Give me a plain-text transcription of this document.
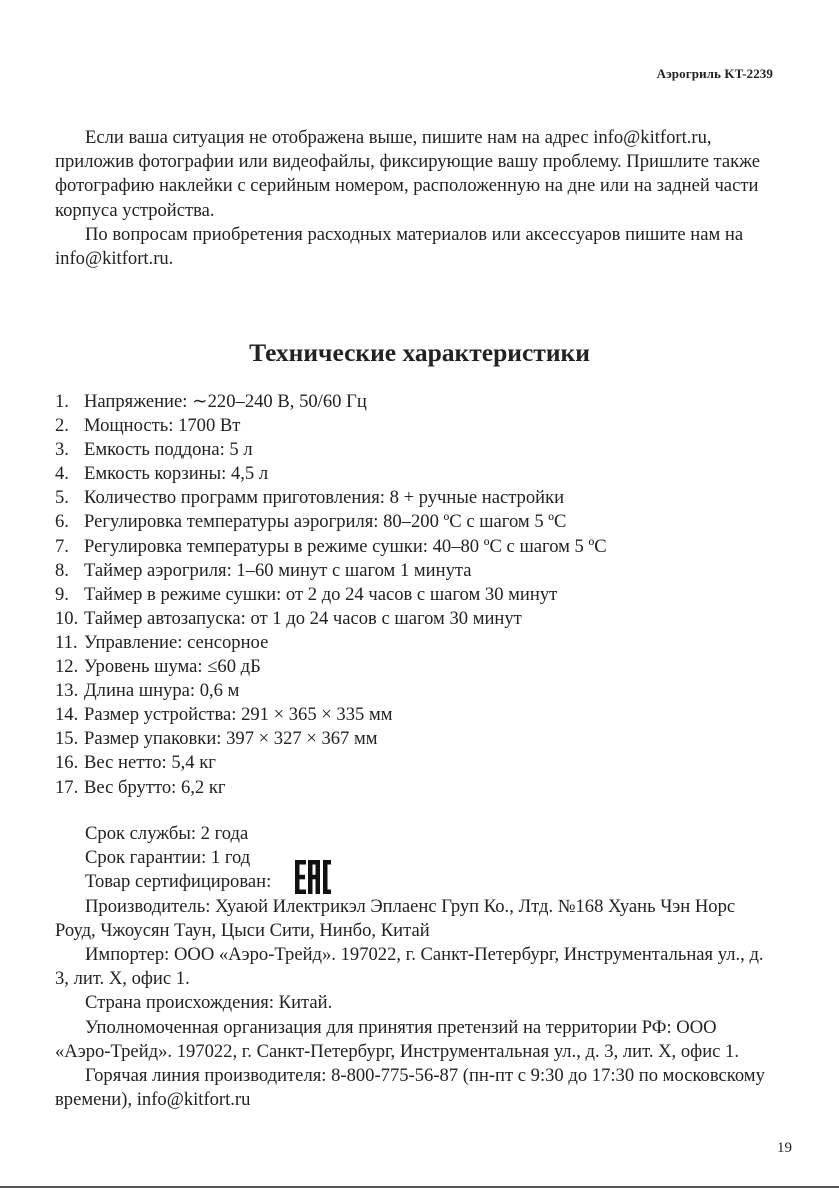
Аэрогриль KT-2239

Если ваша ситуация не отображена выше, пишите нам на адрес info@kitfort.ru, приложив фотографии или видеофайлы, фиксирующие вашу проблему. Пришлите также фотографию наклейки с серийным номером, расположенную на дне или на задней части корпуса устройства.

По вопросам приобретения расходных материалов или аксессуаров пишите нам на info@kitfort.ru.

Технические характеристики
1. Напряжение: ∼220–240 В, 50/60 Гц
2. Мощность: 1700 Вт
3. Емкость поддона: 5 л
4. Емкость корзины: 4,5 л
5. Количество программ приготовления: 8 + ручные настройки
6. Регулировка температуры аэрогриля: 80–200 ºС с шагом 5 ºС
7. Регулировка температуры в режиме сушки: 40–80 ºС с шагом 5 ºС
8. Таймер аэрогриля: 1–60 минут с шагом 1 минута
9. Таймер в режиме сушки: от 2 до 24 часов с шагом 30 минут
10. Таймер автозапуска: от 1 до 24 часов с шагом 30 минут
11. Управление: сенсорное
12. Уровень шума: ≤60 дБ
13. Длина шнура: 0,6 м
14. Размер устройства: 291 × 365 × 335 мм
15. Размер упаковки: 397 × 327 × 367 мм
16. Вес нетто: 5,4 кг
17. Вес брутто: 6,2 кг

Срок службы: 2 года

Срок гарантии: 1 год

Товар сертифицирован:

Производитель: Хуаюй Илектрикэл Эплаенс Груп Ко., Лтд. №168 Хуань Чэн Норс Роуд, Чжоусян Таун, Цыси Сити, Нинбо, Китай

Импортер: ООО «Аэро-Трейд». 197022, г. Санкт-Петербург, Инструментальная ул., д. 3, лит. Х, офис 1.

Страна происхождения: Китай.

Уполномоченная организация для принятия претензий на территории РФ: ООО «Аэро-Трейд». 197022, г. Санкт-Петербург, Инструментальная ул., д. 3, лит. Х, офис 1.

Горячая линия производителя: 8-800-775-56-87 (пн-пт с 9:30 до 17:30 по московскому времени), info@kitfort.ru

19
